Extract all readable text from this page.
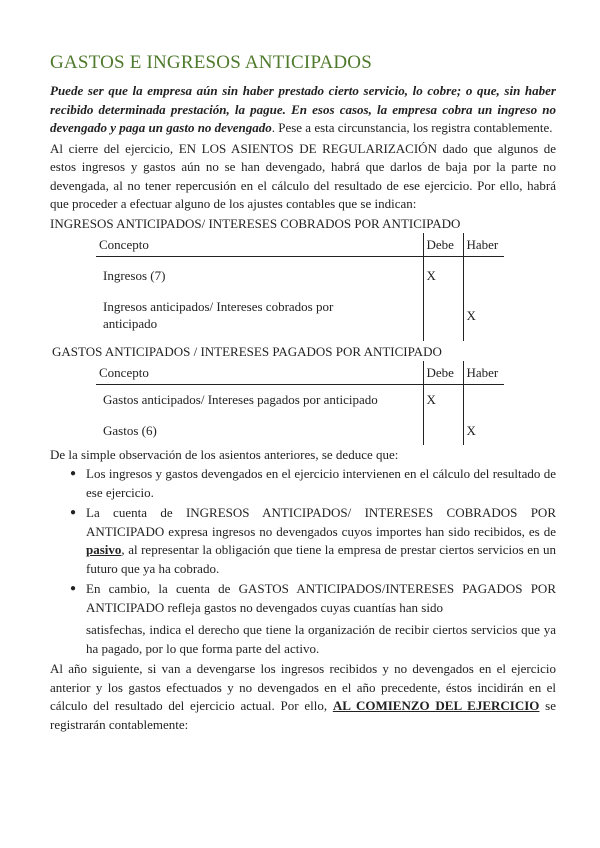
GASTOS E INGRESOS ANTICIPADOS

Puede ser que la empresa aún sin haber prestado cierto servicio, lo cobre; o que, sin haber recibido determinada prestación, la pague. En esos casos, la empresa cobra un ingreso no devengado y paga un gasto no devengado. Pese a esta circunstancia, los registra contablemente.

Al cierre del ejercicio, EN LOS ASIENTOS DE REGULARIZACIÓN dado que algunos de estos ingresos y gastos aún no se han devengado, habrá que darlos de baja por la parte no devengada, al no tener repercusión en el cálculo del resultado de ese ejercicio. Por ello, habrá que proceder a efectuar alguno de los ajustes contables que se indican:

INGRESOS ANTICIPADOS/ INTERESES COBRADOS POR ANTICIPADO
Concepto	Debe	Haber
Ingresos (7)	X	
Ingresos anticipados/ Intereses cobrados por anticipado		X
GASTOS ANTICIPADOS / INTERESES PAGADOS POR ANTICIPADO
Concepto	Debe	Haber
Gastos anticipados/ Intereses pagados por anticipado	X	
Gastos (6)		X

De la simple observación de los asientos anteriores, se deduce que:

● Los ingresos y gastos devengados en el ejercicio intervienen en el cálculo del resultado de ese ejercicio.
● La cuenta de INGRESOS ANTICIPADOS/ INTERESES COBRADOS POR ANTICIPADO expresa ingresos no devengados cuyos importes han sido recibidos, es de pasivo, al representar la obligación que tiene la empresa de prestar ciertos servicios en un futuro que ya ha cobrado.
● En cambio, la cuenta de GASTOS ANTICIPADOS/INTERESES PAGADOS POR ANTICIPADO refleja gastos no devengados cuyas cuantías han sido
satisfechas, indica el derecho que tiene la organización de recibir ciertos servicios que ya ha pagado, por lo que forma parte del activo.

Al año siguiente, si van a devengarse los ingresos recibidos y no devengados en el ejercicio anterior y los gastos efectuados y no devengados en el año precedente, éstos incidirán en el cálculo del resultado del ejercicio actual. Por ello, AL COMIENZO DEL EJERCICIO se registrarán contablemente:
